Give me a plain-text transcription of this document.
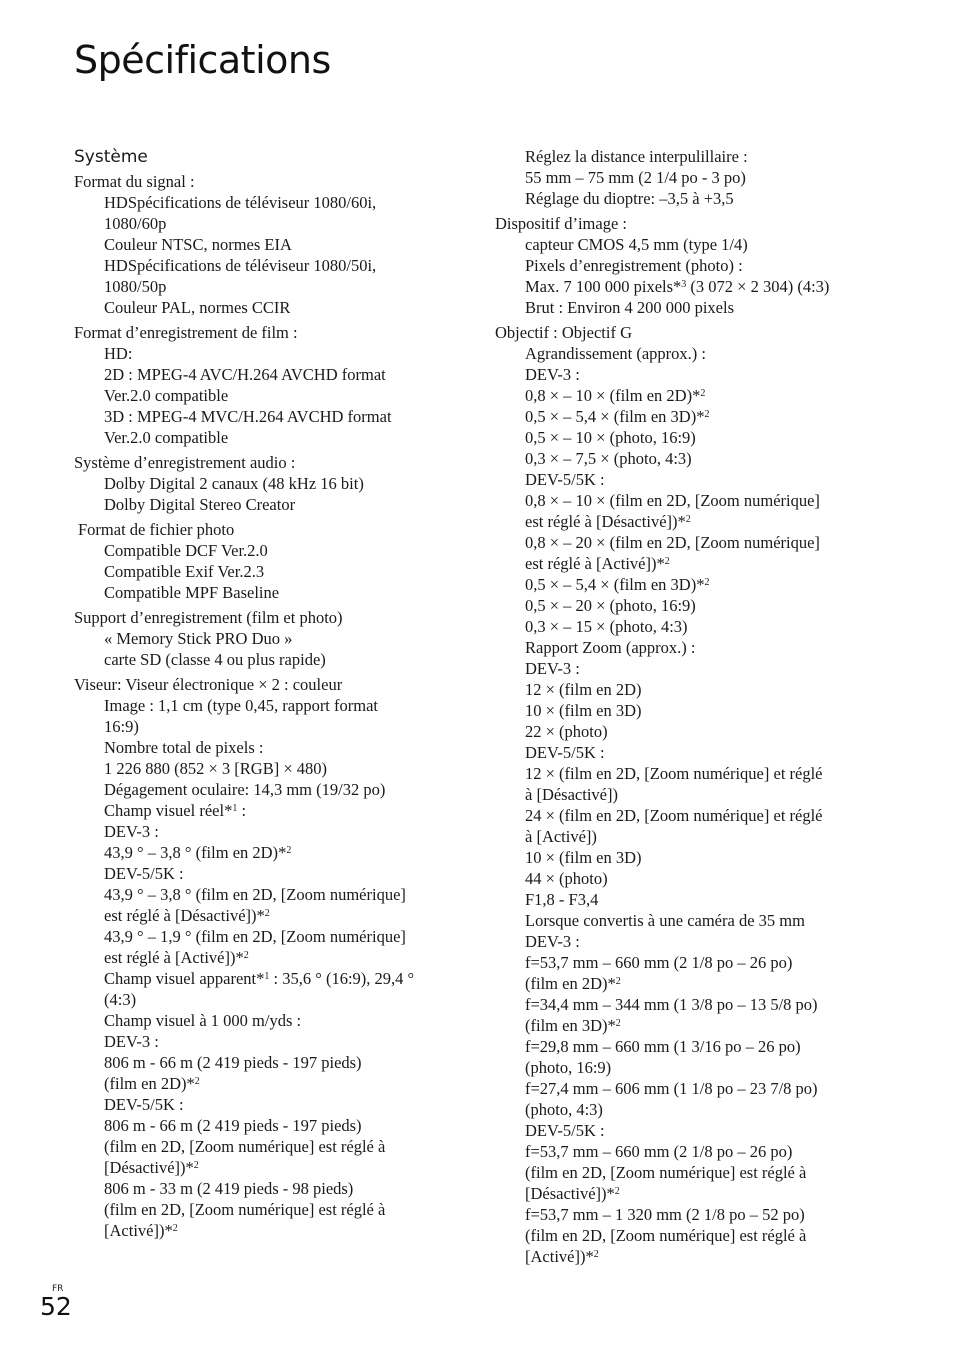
Spécifications
Système
Format du signal :
HDSpécifications de téléviseur 1080/60i,
1080/60p
Couleur NTSC, normes EIA
HDSpécifications de téléviseur 1080/50i,
1080/50p
Couleur PAL, normes CCIR
Format d’enregistrement de film :
HD:
2D : MPEG-4 AVC/H.264 AVCHD format
Ver.2.0 compatible
3D : MPEG-4 MVC/H.264 AVCHD format
Ver.2.0 compatible
Système d’enregistrement audio :
Dolby Digital 2 canaux (48 kHz 16 bit)
Dolby Digital Stereo Creator
Format de fichier photo
Compatible DCF Ver.2.0
Compatible Exif Ver.2.3
Compatible MPF Baseline
Support d’enregistrement (film et photo)
« Memory Stick PRO Duo »
carte SD (classe 4 ou plus rapide)
Viseur: Viseur électronique × 2 : couleur
Image : 1,1 cm (type 0,45, rapport format
16:9)
Nombre total de pixels :
1 226 880 (852 × 3 [RGB] × 480)
Dégagement oculaire: 14,3 mm (19/32 po)
Champ visuel réel*$^1$ :
DEV-3 :
43,9 ° – 3,8 ° (film en 2D)*$^2$
DEV-5/5K :
43,9 ° – 3,8 ° (film en 2D, [Zoom numérique]
est réglé à [Désactivé])*$^2$
43,9 ° – 1,9 ° (film en 2D, [Zoom numérique]
est réglé à [Activé])*$^2$
Champ visuel apparent*$^1$ : 35,6 ° (16:9), 29,4 °
(4:3)
Champ visuel à 1 000 m/yds :
DEV-3 :
806 m - 66 m (2 419 pieds - 197 pieds)
(film en 2D)*$^2$
DEV-5/5K :
806 m - 66 m (2 419 pieds - 197 pieds)
(film en 2D, [Zoom numérique] est réglé à
[Désactivé])*$^2$
806 m - 33 m (2 419 pieds - 98 pieds)
(film en 2D, [Zoom numérique] est réglé à
[Activé])*$^2$
Réglez la distance interpulillaire :
55 mm – 75 mm (2 1/4 po - 3 po)
Réglage du dioptre: –3,5 à +3,5
Dispositif d’image :
capteur CMOS 4,5 mm (type 1/4)
Pixels d’enregistrement (photo) :
Max. 7 100 000 pixels*$^3$ (3 072 × 2 304) (4:3)
Brut : Environ 4 200 000 pixels
Objectif : Objectif G
Agrandissement (approx.) :
DEV-3 :
0,8 × – 10 × (film en 2D)*$^2$
0,5 × – 5,4 × (film en 3D)*$^2$
0,5 × – 10 × (photo, 16:9)
0,3 × – 7,5 × (photo, 4:3)
DEV-5/5K :
0,8 × – 10 × (film en 2D, [Zoom numérique]
est réglé à [Désactivé])*$^2$
0,8 × – 20 × (film en 2D, [Zoom numérique]
est réglé à [Activé])*$^2$
0,5 × – 5,4 × (film en 3D)*$^2$
0,5 × – 20 × (photo, 16:9)
0,3 × – 15 × (photo, 4:3)
Rapport Zoom (approx.) :
DEV-3 :
12 × (film en 2D)
10 × (film en 3D)
22 × (photo)
DEV-5/5K :
12 × (film en 2D, [Zoom numérique] et réglé
à [Désactivé])
24 × (film en 2D, [Zoom numérique] et réglé
à [Activé])
10 × (film en 3D)
44 × (photo)
F1,8 - F3,4
Lorsque convertis à une caméra de 35 mm
DEV-3 :
f=53,7 mm – 660 mm (2 1/8 po – 26 po)
(film en 2D)*$^2$
f=34,4 mm – 344 mm (1 3/8 po – 13 5/8 po)
(film en 3D)*$^2$
f=29,8 mm – 660 mm (1 3/16 po – 26 po)
(photo, 16:9)
f=27,4 mm – 606 mm (1 1/8 po – 23 7/8 po)
(photo, 4:3)
DEV-5/5K :
f=53,7 mm – 660 mm (2 1/8 po – 26 po)
(film en 2D, [Zoom numérique] est réglé à
[Désactivé])*$^2$
f=53,7 mm – 1 320 mm (2 1/8 po – 52 po)
(film en 2D, [Zoom numérique] est réglé à
[Activé])*$^2$
FR
52
